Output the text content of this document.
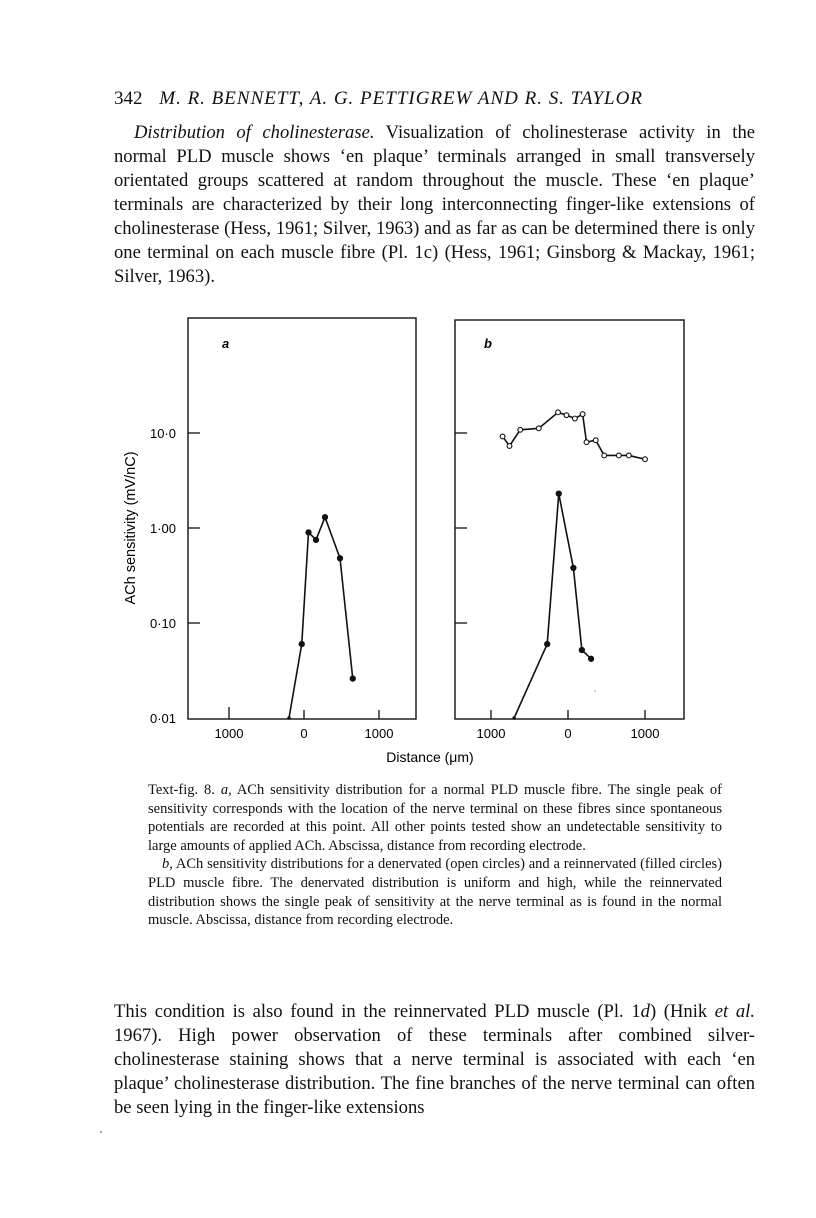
342 M. R. BENNETT, A. G. PETTIGREW AND R. S. TAYLOR
Distribution of cholinesterase. Visualization of cholinesterase activity in the normal PLD muscle shows ‘en plaque’ terminals arranged in small transversely orientated groups scattered at random throughout the muscle. These ‘en plaque’ terminals are characterized by their long interconnecting finger-like extensions of cholinesterase (Hess, 1961; Silver, 1963) and as far as can be determined there is only one terminal on each muscle fibre (Pl. 1c) (Hess, 1961; Ginsborg & Mackay, 1961; Silver, 1963).
a	b
ACh sensitivity (mV/nC)
10·0
1·00
0·10
0·01
1000	0	1000	1000	0	1000
Distance (μm)

Text-fig. 8. a, ACh sensitivity distribution for a normal PLD muscle fibre. The single peak of sensitivity corresponds with the location of the nerve terminal on these fibres since spontaneous potentials are recorded at this point. All other points tested show an undetectable sensitivity to large amounts of applied ACh. Abscissa, distance from recording electrode.

b, ACh sensitivity distributions for a denervated (open circles) and a reinnervated (filled circles) PLD muscle fibre. The denervated distribution is uniform and high, while the reinnervated distribution shows the single peak of sensitivity at the nerve terminal as is found in the normal muscle. Abscissa, distance from recording electrode.

This condition is also found in the reinnervated PLD muscle (Pl. 1d) (Hnik et al. 1967). High power observation of these terminals after combined silver-cholinesterase staining shows that a nerve terminal is associated with each ‘en plaque’ cholinesterase distribution. The fine branches of the nerve terminal can often be seen lying in the finger-like extensions
